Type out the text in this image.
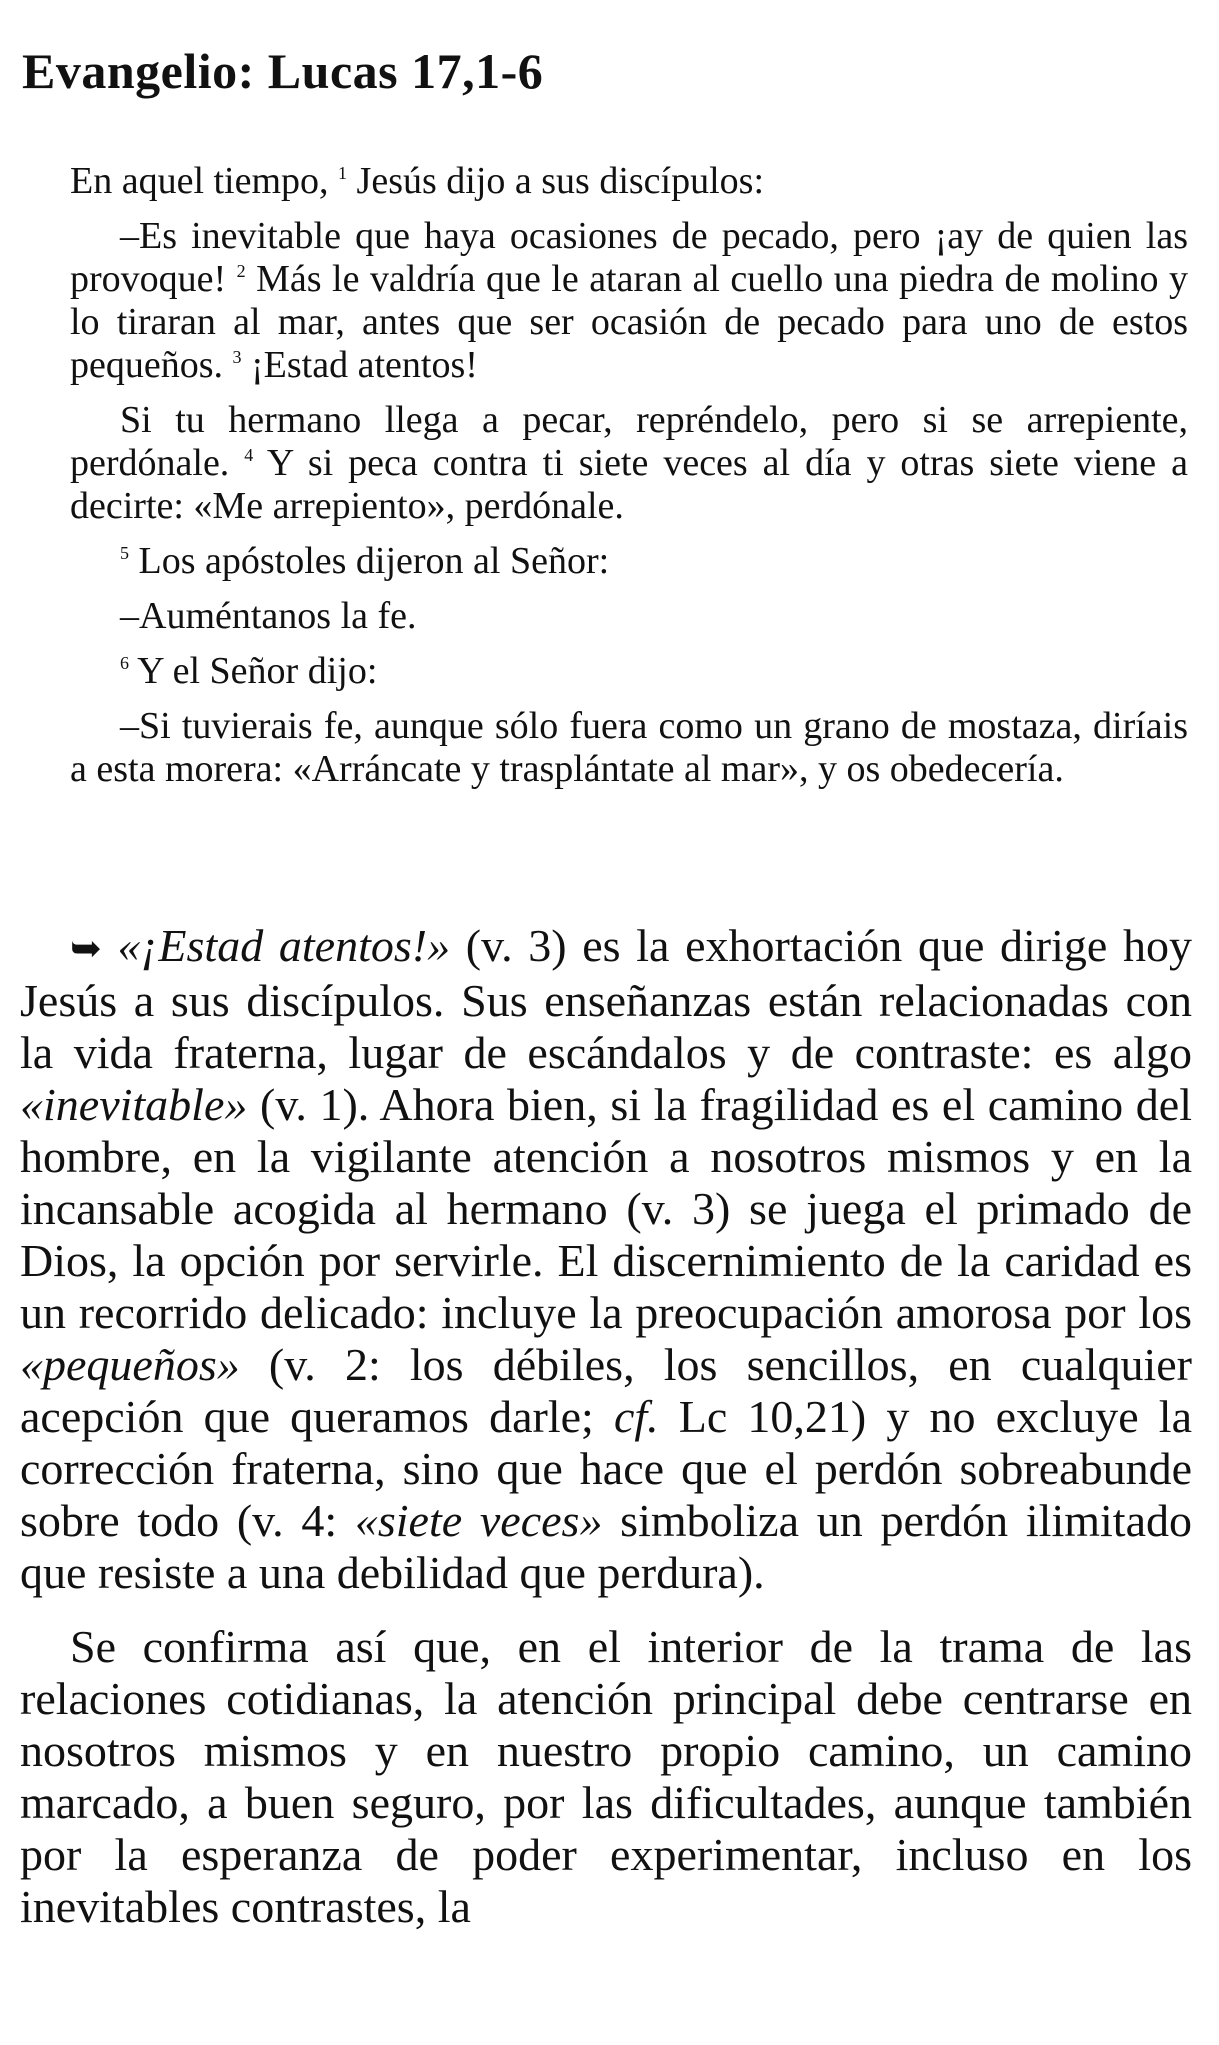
Evangelio: Lucas 17,1-6

En aquel tiempo, $^1$ Jesús dijo a sus discípulos:

–Es inevitable que haya ocasiones de pecado, pero ¡ay de quien las provoque! $^2$ Más le valdría que le ataran al cuello una piedra de molino y lo tiraran al mar, antes que ser ocasión de pecado para uno de estos pequeños. $^3$ ¡Estad atentos!

Si tu hermano llega a pecar, repréndelo, pero si se arrepiente, perdónale. $^4$ Y si peca contra ti siete veces al día y otras siete viene a decirte: «Me arrepiento», perdónale.

$^5$ Los apóstoles dijeron al Señor:

–Auméntanos la fe.

$^6$ Y el Señor dijo:

–Si tuvierais fe, aunque sólo fuera como un grano de mostaza, diríais a esta morera: «Arráncate y trasplántate al mar», y os obedecería.

➥ «¡Estad atentos!» (v. 3) es la exhortación que dirige hoy Jesús a sus discípulos. Sus enseñanzas están relacionadas con la vida fraterna, lugar de escándalos y de contraste: es algo «inevitable» (v. 1). Ahora bien, si la fragilidad es el camino del hombre, en la vigilante atención a nosotros mismos y en la incansable acogida al hermano (v. 3) se juega el primado de Dios, la opción por servirle. El discernimiento de la caridad es un recorrido delicado: incluye la preocupación amorosa por los «pequeños» (v. 2: los débiles, los sencillos, en cualquier acepción que queramos darle; cf. Lc 10,21) y no excluye la corrección fraterna, sino que hace que el perdón sobreabunde sobre todo (v. 4: «siete veces» simboliza un perdón ilimitado que resiste a una debilidad que perdura).

Se confirma así que, en el interior de la trama de las relaciones cotidianas, la atención principal debe centrarse en nosotros mismos y en nuestro propio camino, un camino marcado, a buen seguro, por las dificultades, aunque también por la esperanza de poder experimentar, incluso en los inevitables contrastes, la
